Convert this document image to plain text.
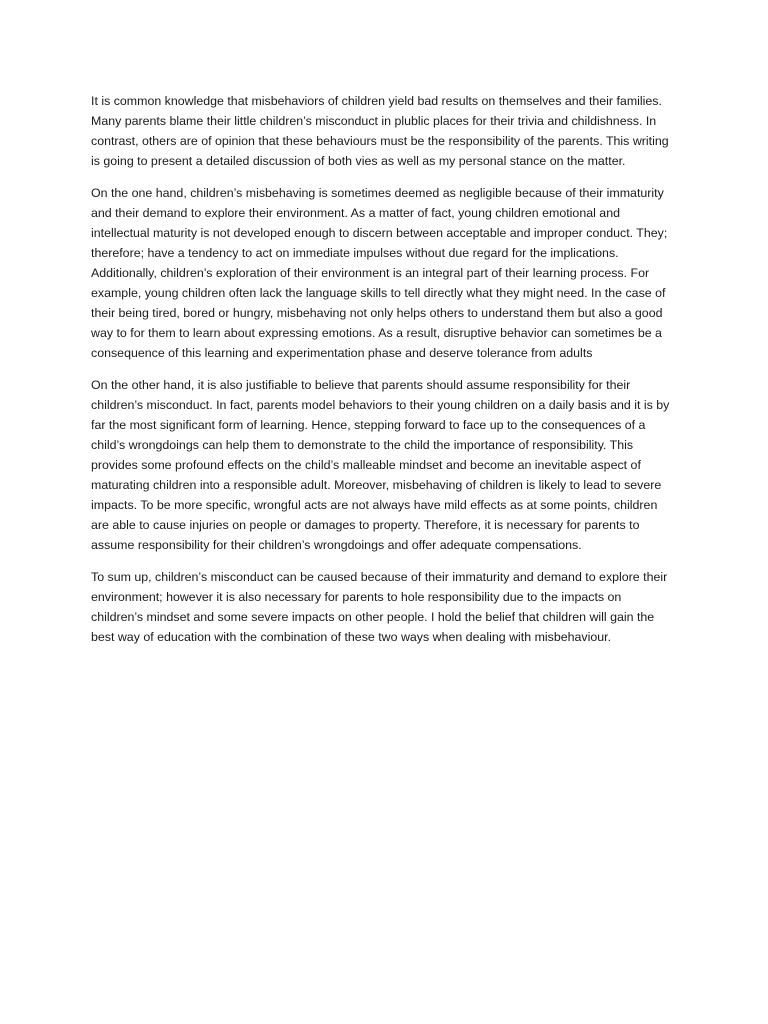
It is common knowledge that misbehaviors of children yield bad results on themselves and their families. Many parents blame their little children’s misconduct in plublic places for their trivia and childishness. In contrast, others are of opinion that these behaviours must be the responsibility of the parents. This writing is going to present a detailed discussion of both vies as well as my personal stance on the matter.

On the one hand, children’s misbehaving is sometimes deemed as negligible because of their immaturity and their demand to explore their environment. As a matter of fact, young children emotional and intellectual maturity is not developed enough to discern between acceptable and improper conduct. They; therefore; have a tendency to act on immediate impulses without due regard for the implications. Additionally, children’s exploration of their environment is an integral part of their learning process. For example, young children often lack the language skills to tell directly what they might need. In the case of their being tired, bored or hungry, misbehaving not only helps others to understand them but also a good way to for them to learn about expressing emotions. As a result, disruptive behavior can sometimes be a consequence of this learning and experimentation phase and deserve tolerance from adults

On the other hand, it is also justifiable to believe that parents should assume responsibility for their children’s misconduct. In fact, parents model behaviors to their young children on a daily basis and it is by far the most significant form of learning. Hence, stepping forward to face up to the consequences of a child’s wrongdoings can help them to demonstrate to the child the importance of responsibility. This provides some profound effects on the child’s malleable mindset and become an inevitable aspect of maturating children into a responsible adult. Moreover, misbehaving of children is likely to lead to severe impacts. To be more specific, wrongful acts are not always have mild effects as at some points, children are able to cause injuries on people or damages to property. Therefore, it is necessary for parents to assume responsibility for their children’s wrongdoings and offer adequate compensations.

To sum up, children’s misconduct can be caused because of their immaturity and demand to explore their environment; however it is also necessary for parents to hole responsibility due to the impacts on children’s mindset and some severe impacts on other people. I hold the belief that children will gain the best way of education with the combination of these two ways when dealing with misbehaviour.
